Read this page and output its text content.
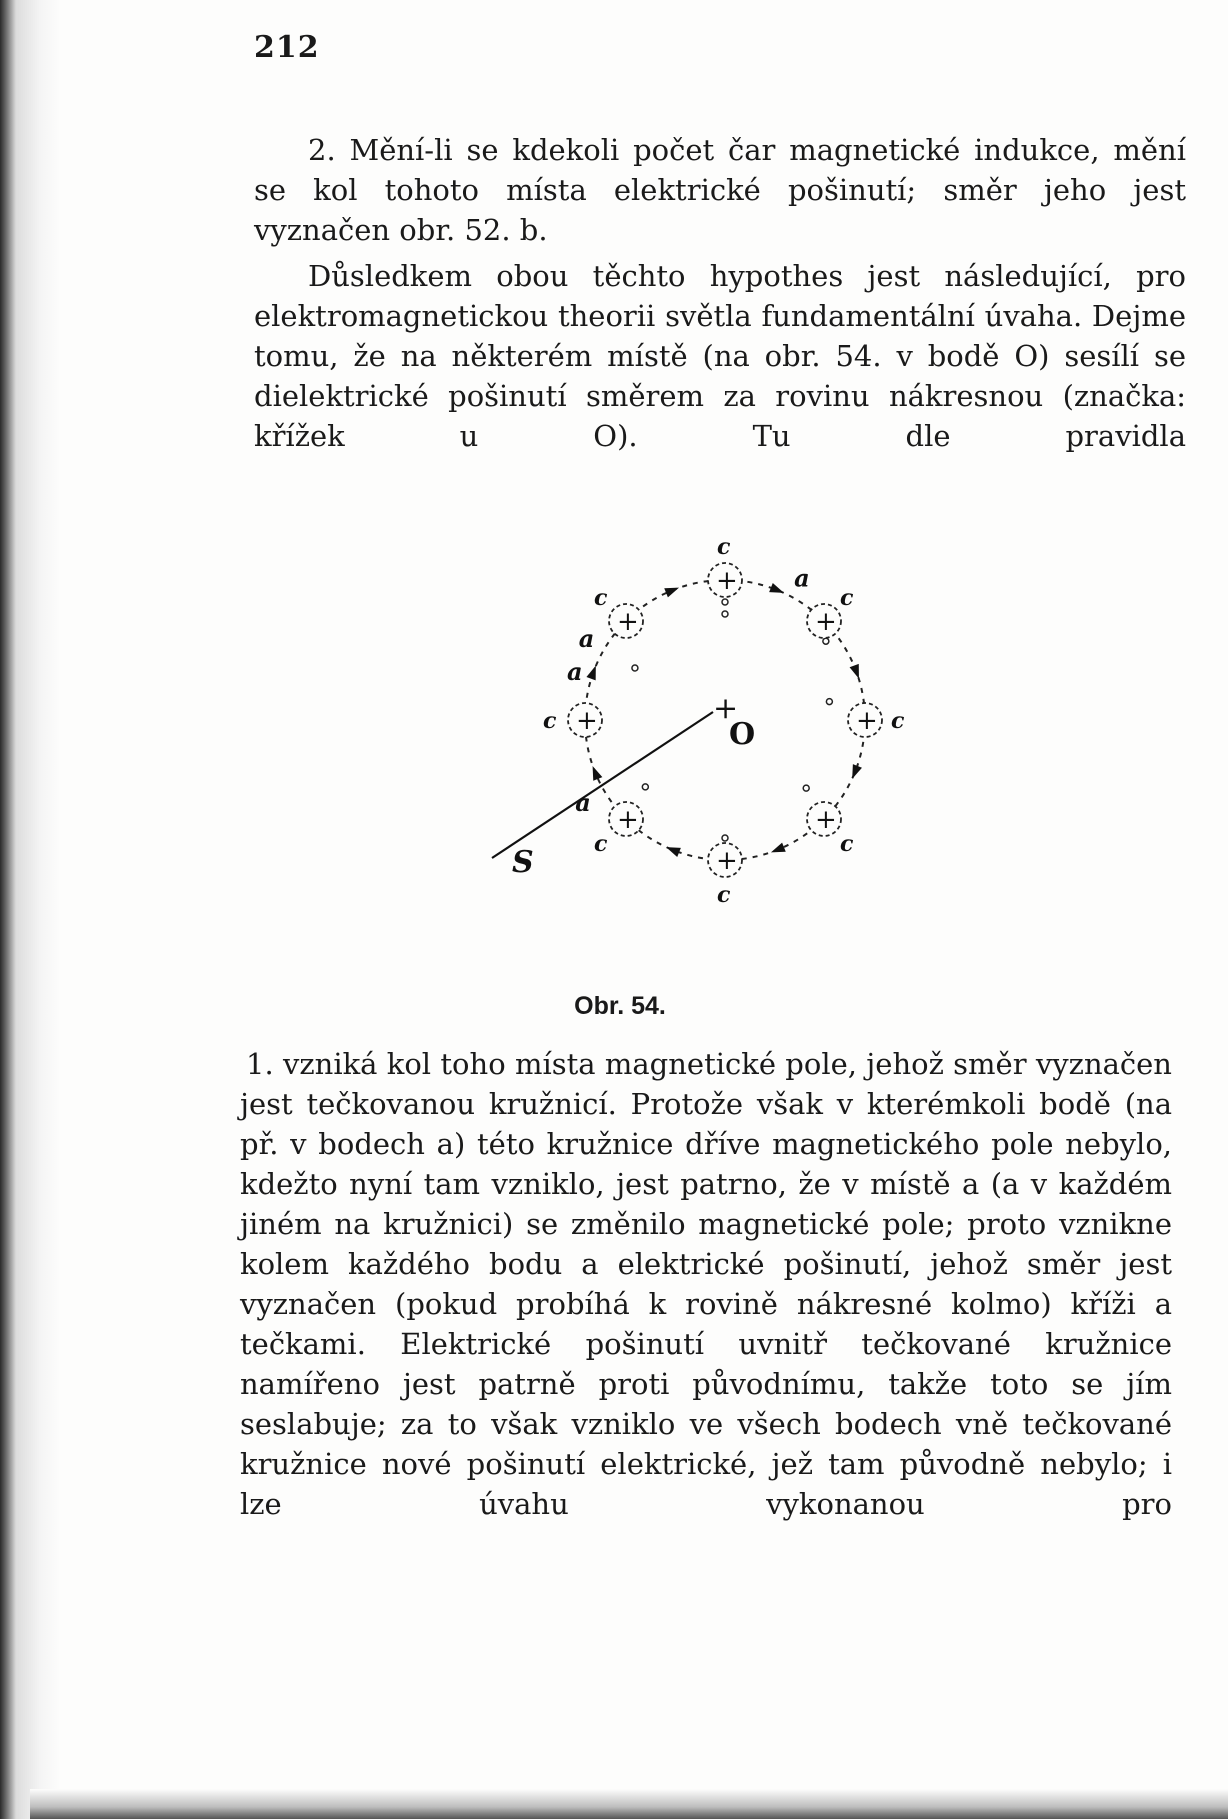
212

2. Mění-li se kdekoli počet čar magnetické indukce, mění se kol tohoto místa elektrické pošinutí; směr jeho jest vyznačen obr. 52. b.

Důsledkem obou těchto hypothes jest následující, pro elektromagnetickou theorii světla fundamentální úvaha. Dejme tomu, že na některém místě (na obr. 54. v bodě O) sesílí se dielektrické pošinutí směrem za rovinu nákresnou (značka: křížek u O). Tu dle pravidla

+
O
S
+
c
+
c
+ c
+
c
+
c
+
c
+
c
+
c
a
a
a
a
Obr. 54.

1. vzniká kol toho místa magnetické pole, jehož směr vyznačen jest tečkovanou kružnicí. Protože však v kterémkoli bodě (na př. v bodech a) této kružnice dříve magnetického pole nebylo, kdežto nyní tam vzniklo, jest patrno, že v místě a (a v každém jiném na kružnici) se změnilo magnetické pole; proto vznikne kolem každého bodu a elektrické pošinutí, jehož směr jest vyznačen (pokud probíhá k rovině nákresné kolmo) kříži a tečkami. Elektrické pošinutí uvnitř tečkované kružnice namířeno jest patrně proti původnímu, takže toto se jím seslabuje; za to však vzniklo ve všech bodech vně tečkované kružnice nové pošinutí elektrické, jež tam původně nebylo; i lze úvahu vykonanou pro
